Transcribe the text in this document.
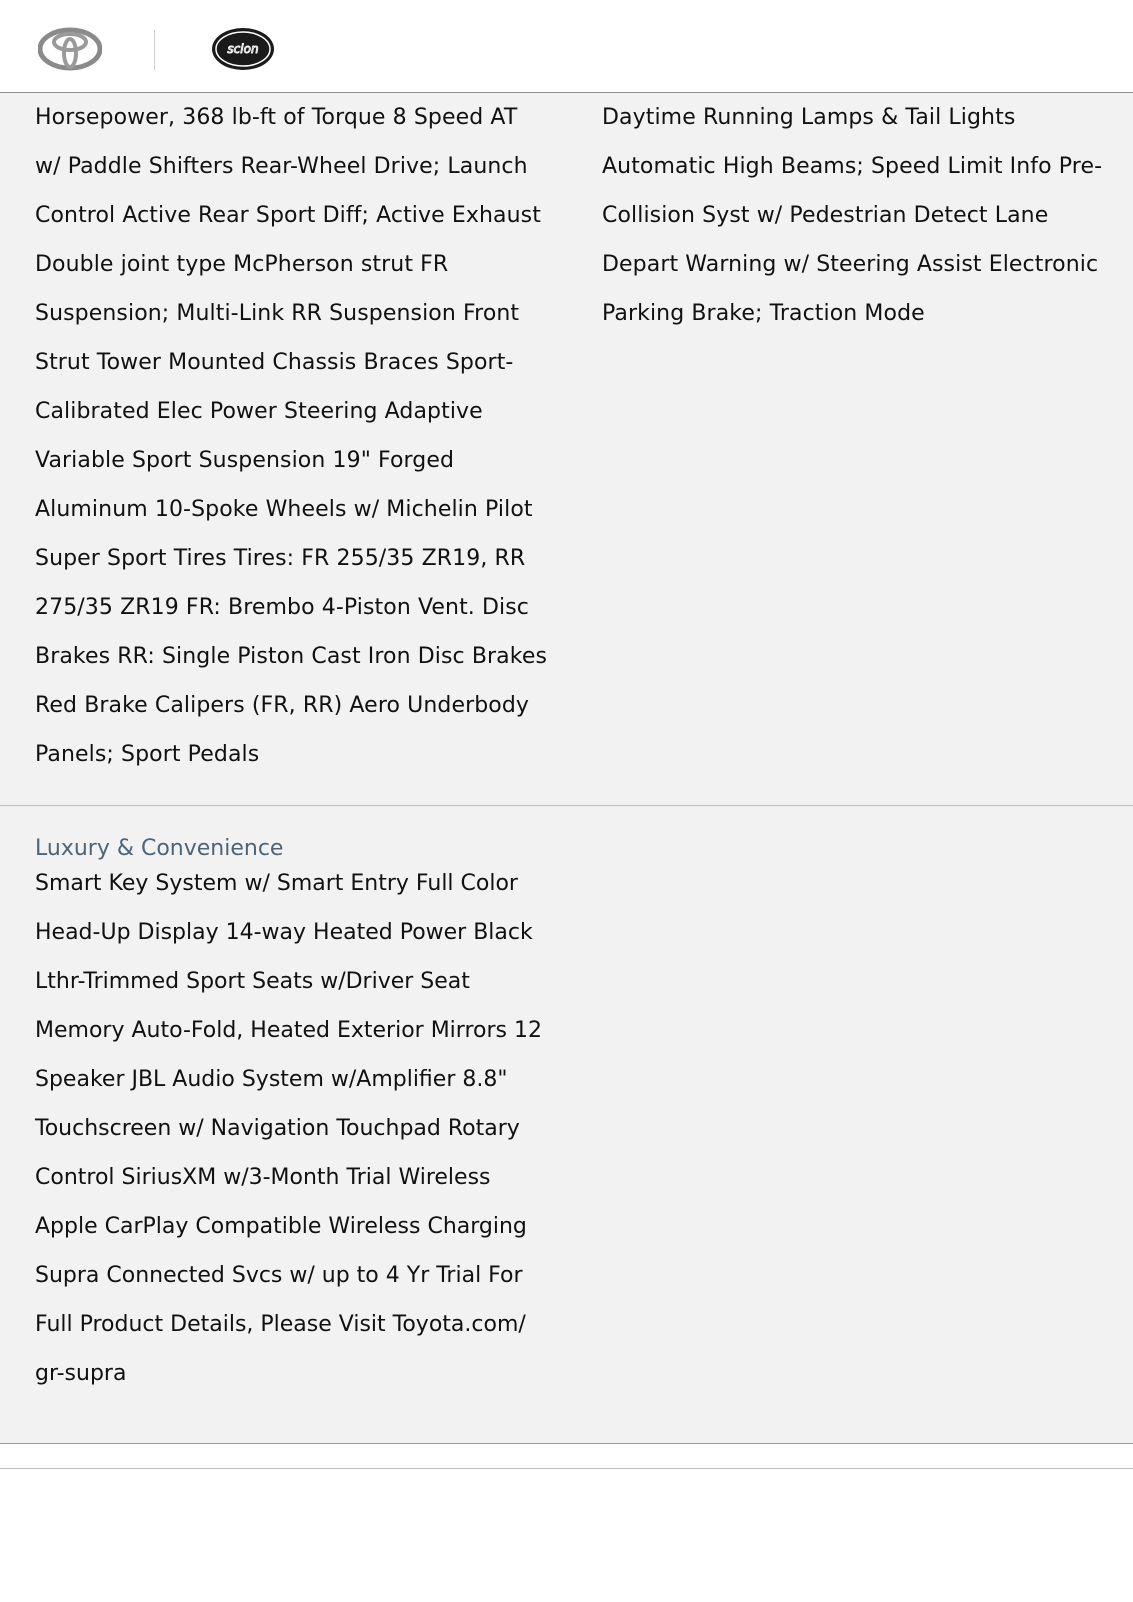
scion
Horsepower, 368 lb-ft of Torque 8 Speed AT
w/ Paddle Shifters Rear-Wheel Drive; Launch
Control Active Rear Sport Diff; Active Exhaust
Double joint type McPherson strut FR
Suspension; Multi-Link RR Suspension Front
Strut Tower Mounted Chassis Braces Sport-
Calibrated Elec Power Steering Adaptive
Variable Sport Suspension 19" Forged
Aluminum 10-Spoke Wheels w/ Michelin Pilot
Super Sport Tires Tires: FR 255/35 ZR19, RR
275/35 ZR19 FR: Brembo 4-Piston Vent. Disc
Brakes RR: Single Piston Cast Iron Disc Brakes
Red Brake Calipers (FR, RR) Aero Underbody
Panels; Sport Pedals
Daytime Running Lamps & Tail Lights
Automatic High Beams; Speed Limit Info Pre-
Collision Syst w/ Pedestrian Detect Lane
Depart Warning w/ Steering Assist Electronic
Parking Brake; Traction Mode
Luxury & Convenience
Smart Key System w/ Smart Entry Full Color
Head-Up Display 14-way Heated Power Black
Lthr-Trimmed Sport Seats w/Driver Seat
Memory Auto-Fold, Heated Exterior Mirrors 12
Speaker JBL Audio System w/Amplifier 8.8"
Touchscreen w/ Navigation Touchpad Rotary
Control SiriusXM w/3-Month Trial Wireless
Apple CarPlay Compatible Wireless Charging
Supra Connected Svcs w/ up to 4 Yr Trial For
Full Product Details, Please Visit Toyota.com/
gr-supra
